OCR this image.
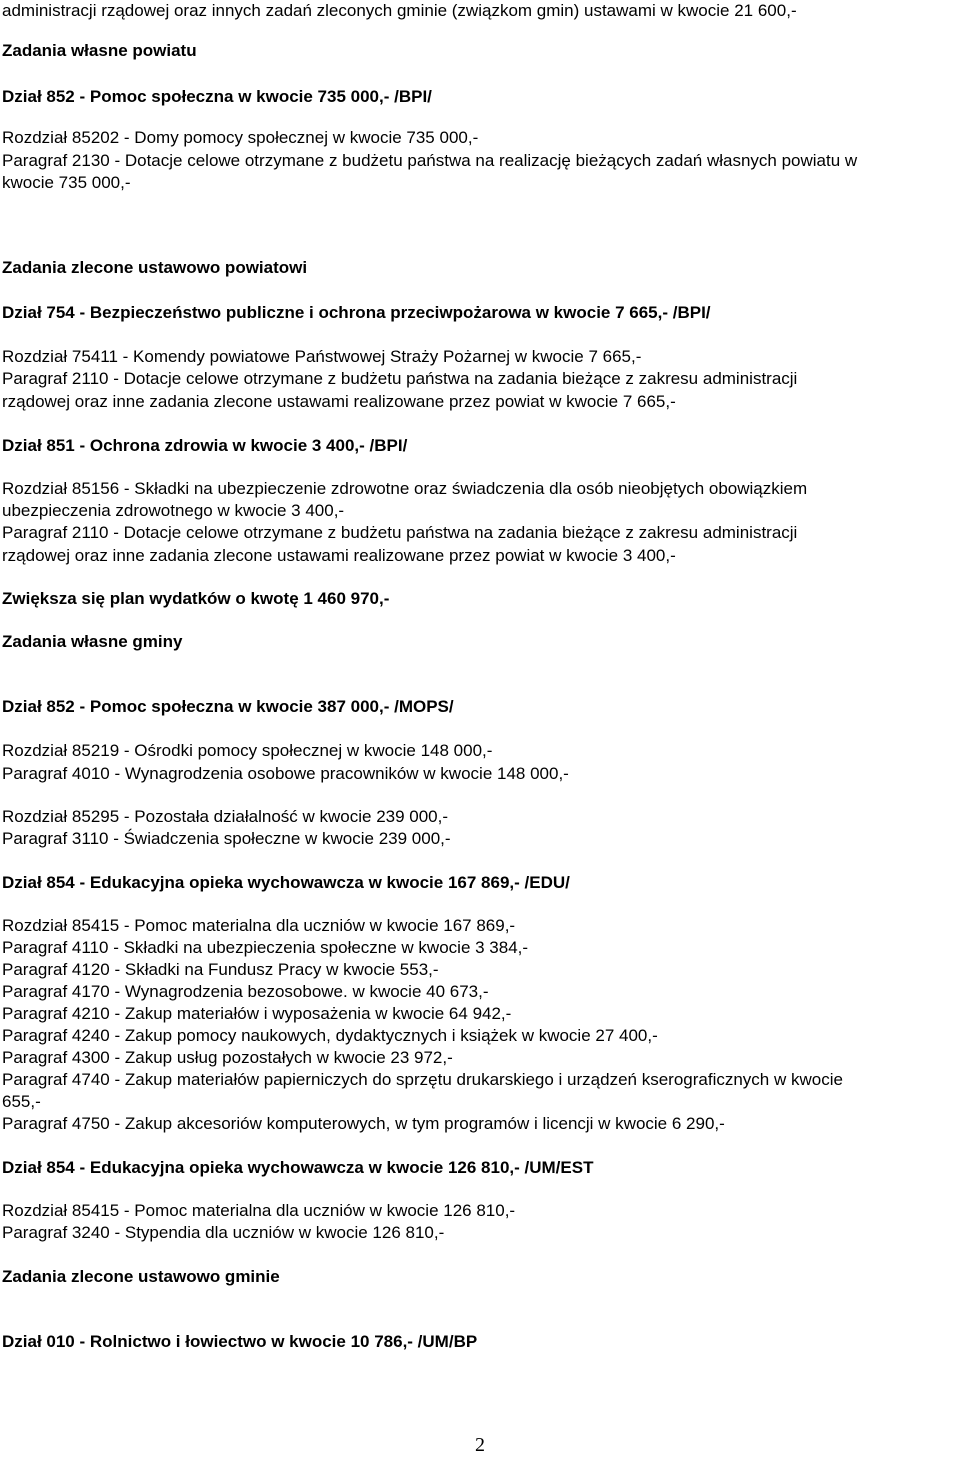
administracji rządowej oraz innych zadań zleconych gminie (związkom gmin) ustawami w kwocie 21 600,-
Zadania własne powiatu
Dział 852 - Pomoc społeczna w kwocie 735 000,- /BPI/
Rozdział 85202 - Domy pomocy społecznej w kwocie 735 000,-
Paragraf 2130 - Dotacje celowe otrzymane z budżetu państwa na realizację bieżących zadań własnych powiatu w
kwocie 735 000,-
Zadania zlecone ustawowo powiatowi
Dział 754 - Bezpieczeństwo publiczne i ochrona przeciwpożarowa w kwocie 7 665,- /BPI/
Rozdział 75411 - Komendy powiatowe Państwowej Straży Pożarnej w kwocie 7 665,-
Paragraf 2110 - Dotacje celowe otrzymane z budżetu państwa na zadania bieżące z zakresu administracji
rządowej oraz inne zadania zlecone ustawami realizowane przez powiat w kwocie 7 665,-
Dział 851 - Ochrona zdrowia w kwocie 3 400,- /BPI/
Rozdział 85156 - Składki na ubezpieczenie zdrowotne oraz świadczenia dla osób nieobjętych obowiązkiem
ubezpieczenia zdrowotnego w kwocie 3 400,-
Paragraf 2110 - Dotacje celowe otrzymane z budżetu państwa na zadania bieżące z zakresu administracji
rządowej oraz inne zadania zlecone ustawami realizowane przez powiat w kwocie 3 400,-
Zwiększa się plan wydatków o kwotę 1 460 970,-
Zadania własne gminy
Dział 852 - Pomoc społeczna w kwocie 387 000,- /MOPS/
Rozdział 85219 - Ośrodki pomocy społecznej w kwocie 148 000,-
Paragraf 4010 - Wynagrodzenia osobowe pracowników w kwocie 148 000,-
Rozdział 85295 - Pozostała działalność w kwocie 239 000,-
Paragraf 3110 - Świadczenia społeczne w kwocie 239 000,-
Dział 854 - Edukacyjna opieka wychowawcza w kwocie 167 869,- /EDU/
Rozdział 85415 - Pomoc materialna dla uczniów w kwocie 167 869,-
Paragraf 4110 - Składki na ubezpieczenia społeczne w kwocie 3 384,-
Paragraf 4120 - Składki na Fundusz Pracy w kwocie 553,-
Paragraf 4170 - Wynagrodzenia bezosobowe. w kwocie 40 673,-
Paragraf 4210 - Zakup materiałów i wyposażenia w kwocie 64 942,-
Paragraf 4240 - Zakup pomocy naukowych, dydaktycznych i książek w kwocie 27 400,-
Paragraf 4300 - Zakup usług pozostałych w kwocie 23 972,-
Paragraf 4740 - Zakup materiałów papierniczych do sprzętu drukarskiego i urządzeń kserograficznych w kwocie
655,-
Paragraf 4750 - Zakup akcesoriów komputerowych, w tym programów i licencji w kwocie 6 290,-
Dział 854 - Edukacyjna opieka wychowawcza w kwocie 126 810,- /UM/EST
Rozdział 85415 - Pomoc materialna dla uczniów w kwocie 126 810,-
Paragraf 3240 - Stypendia dla uczniów w kwocie 126 810,-
Zadania zlecone ustawowo gminie
Dział 010 - Rolnictwo i łowiectwo w kwocie 10 786,- /UM/BP
2
